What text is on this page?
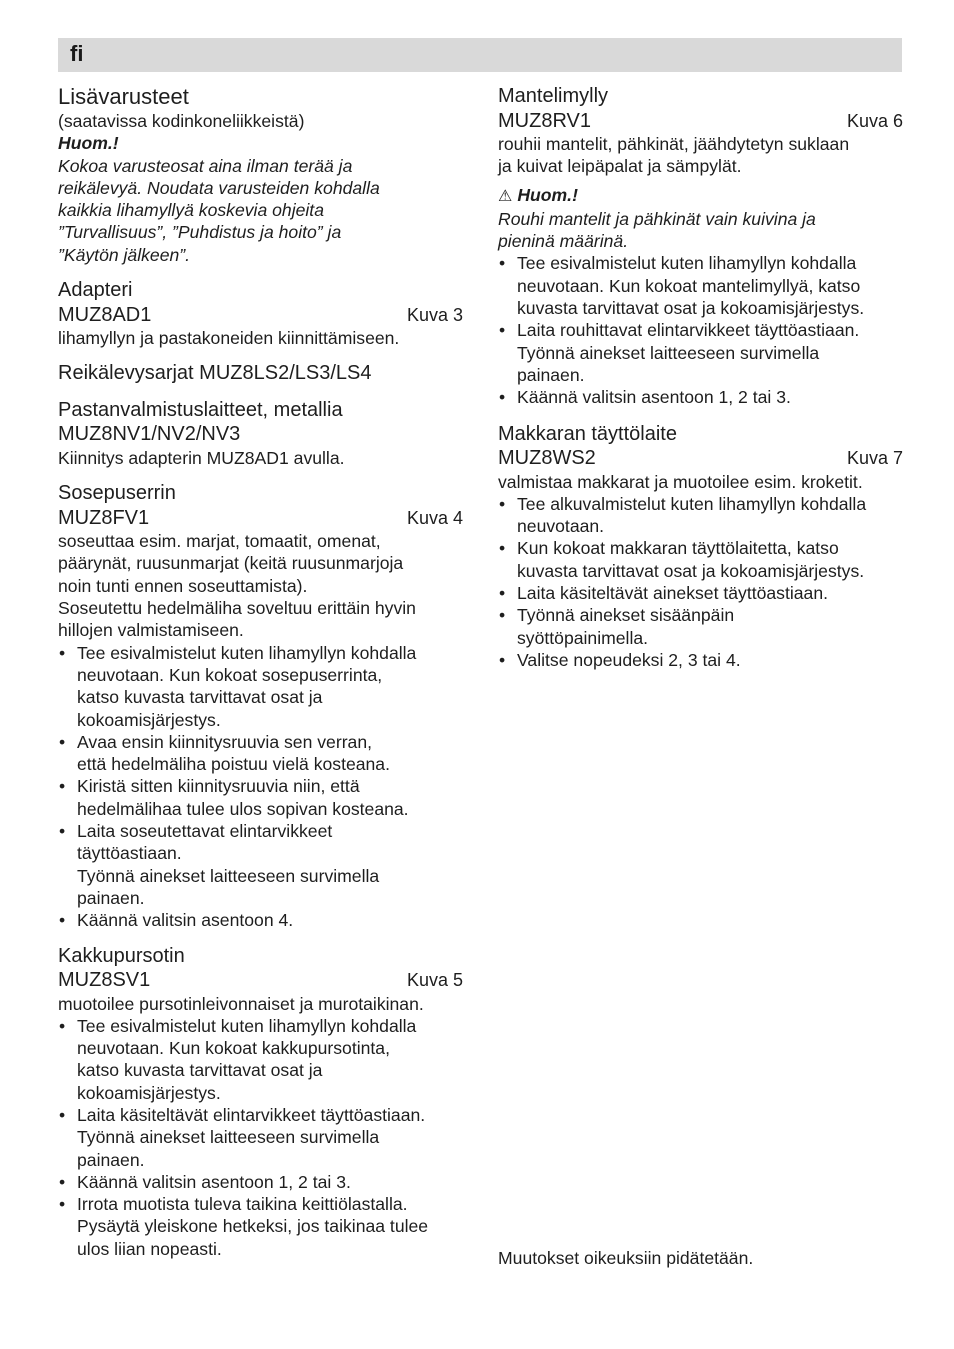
fi
Lisävarusteet

(saatavissa kodinkoneliikkeistä)

Huom.!

Kokoa varusteosat aina ilman terää ja
reikälevyä. Noudata varusteiden kohdalla
kaikkia lihamyllyä koskevia ohjeita
”Turvallisuus”, ”Puhdistus ja hoito” ja
”Käytön jälkeen”.
Adapteri
MUZ8AD1	Kuva 3

lihamyllyn ja pastakoneiden kiinnittämiseen.

Reikälevysarjat MUZ8LS2/LS3/LS4
Pastanvalmistuslaitteet, metallia
MUZ8NV1/NV2/NV3

Kiinnitys adapterin MUZ8AD1 avulla.

Sosepuserrin
MUZ8FV1	Kuva 4
soseuttaa esim. marjat, tomaatit, omenat,
päärynät, ruusunmarjat (keitä ruusunmarjoja
noin tunti ennen soseuttamista).
Soseutettu hedelmäliha soveltuu erittäin hyvin
hillojen valmistamiseen.
• Tee esivalmistelut kuten lihamyllyn kohdalla
neuvotaan. Kun kokoat sosepuserrinta,
katso kuvasta tarvittavat osat ja
kokoamisjärjestys.
• Avaa ensin kiinnitysruuvia sen verran,
että hedelmäliha poistuu vielä kosteana.
• Kiristä sitten kiinnitysruuvia niin, että
hedelmälihaa tulee ulos sopivan kosteana.
• Laita soseutettavat elintarvikkeet
täyttöastiaan.
Työnnä ainekset laitteeseen survimella
painaen.
• Käännä valitsin asentoon 4.
Kakkupursotin
MUZ8SV1	Kuva 5

muotoilee pursotinleivonnaiset ja murotaikinan.

• Tee esivalmistelut kuten lihamyllyn kohdalla
neuvotaan. Kun kokoat kakkupursotinta,
katso kuvasta tarvittavat osat ja
kokoamisjärjestys.
• Laita käsiteltävät elintarvikkeet täyttöastiaan.
Työnnä ainekset laitteeseen survimella
painaen.
• Käännä valitsin asentoon 1, 2 tai 3.
• Irrota muotista tuleva taikina keittiölastalla.
Pysäytä yleiskone hetkeksi, jos taikinaa tulee
ulos liian nopeasti.
Mantelimylly
MUZ8RV1	Kuva 6
rouhii mantelit, pähkinät, jäähdytetyn suklaan
ja kuivat leipäpalat ja sämpylät.

⚠ Huom.!

Rouhi mantelit ja pähkinät vain kuivina ja
pieninä määrinä.
• Tee esivalmistelut kuten lihamyllyn kohdalla
neuvotaan. Kun kokoat mantelimyllyä, katso
kuvasta tarvittavat osat ja kokoamisjärjestys.
• Laita rouhittavat elintarvikkeet täyttöastiaan.
Työnnä ainekset laitteeseen survimella
painaen.
• Käännä valitsin asentoon 1, 2 tai 3.
Makkaran täyttölaite
MUZ8WS2	Kuva 7

valmistaa makkarat ja muotoilee esim. kroketit.

• Tee alkuvalmistelut kuten lihamyllyn kohdalla
neuvotaan.
• Kun kokoat makkaran täyttölaitetta, katso
kuvasta tarvittavat osat ja kokoamisjärjestys.
• Laita käsiteltävät ainekset täyttöastiaan.
• Työnnä ainekset sisäänpäin
syöttöpainimella.
• Valitse nopeudeksi 2, 3 tai 4.
Muutokset oikeuksiin pidätetään.
